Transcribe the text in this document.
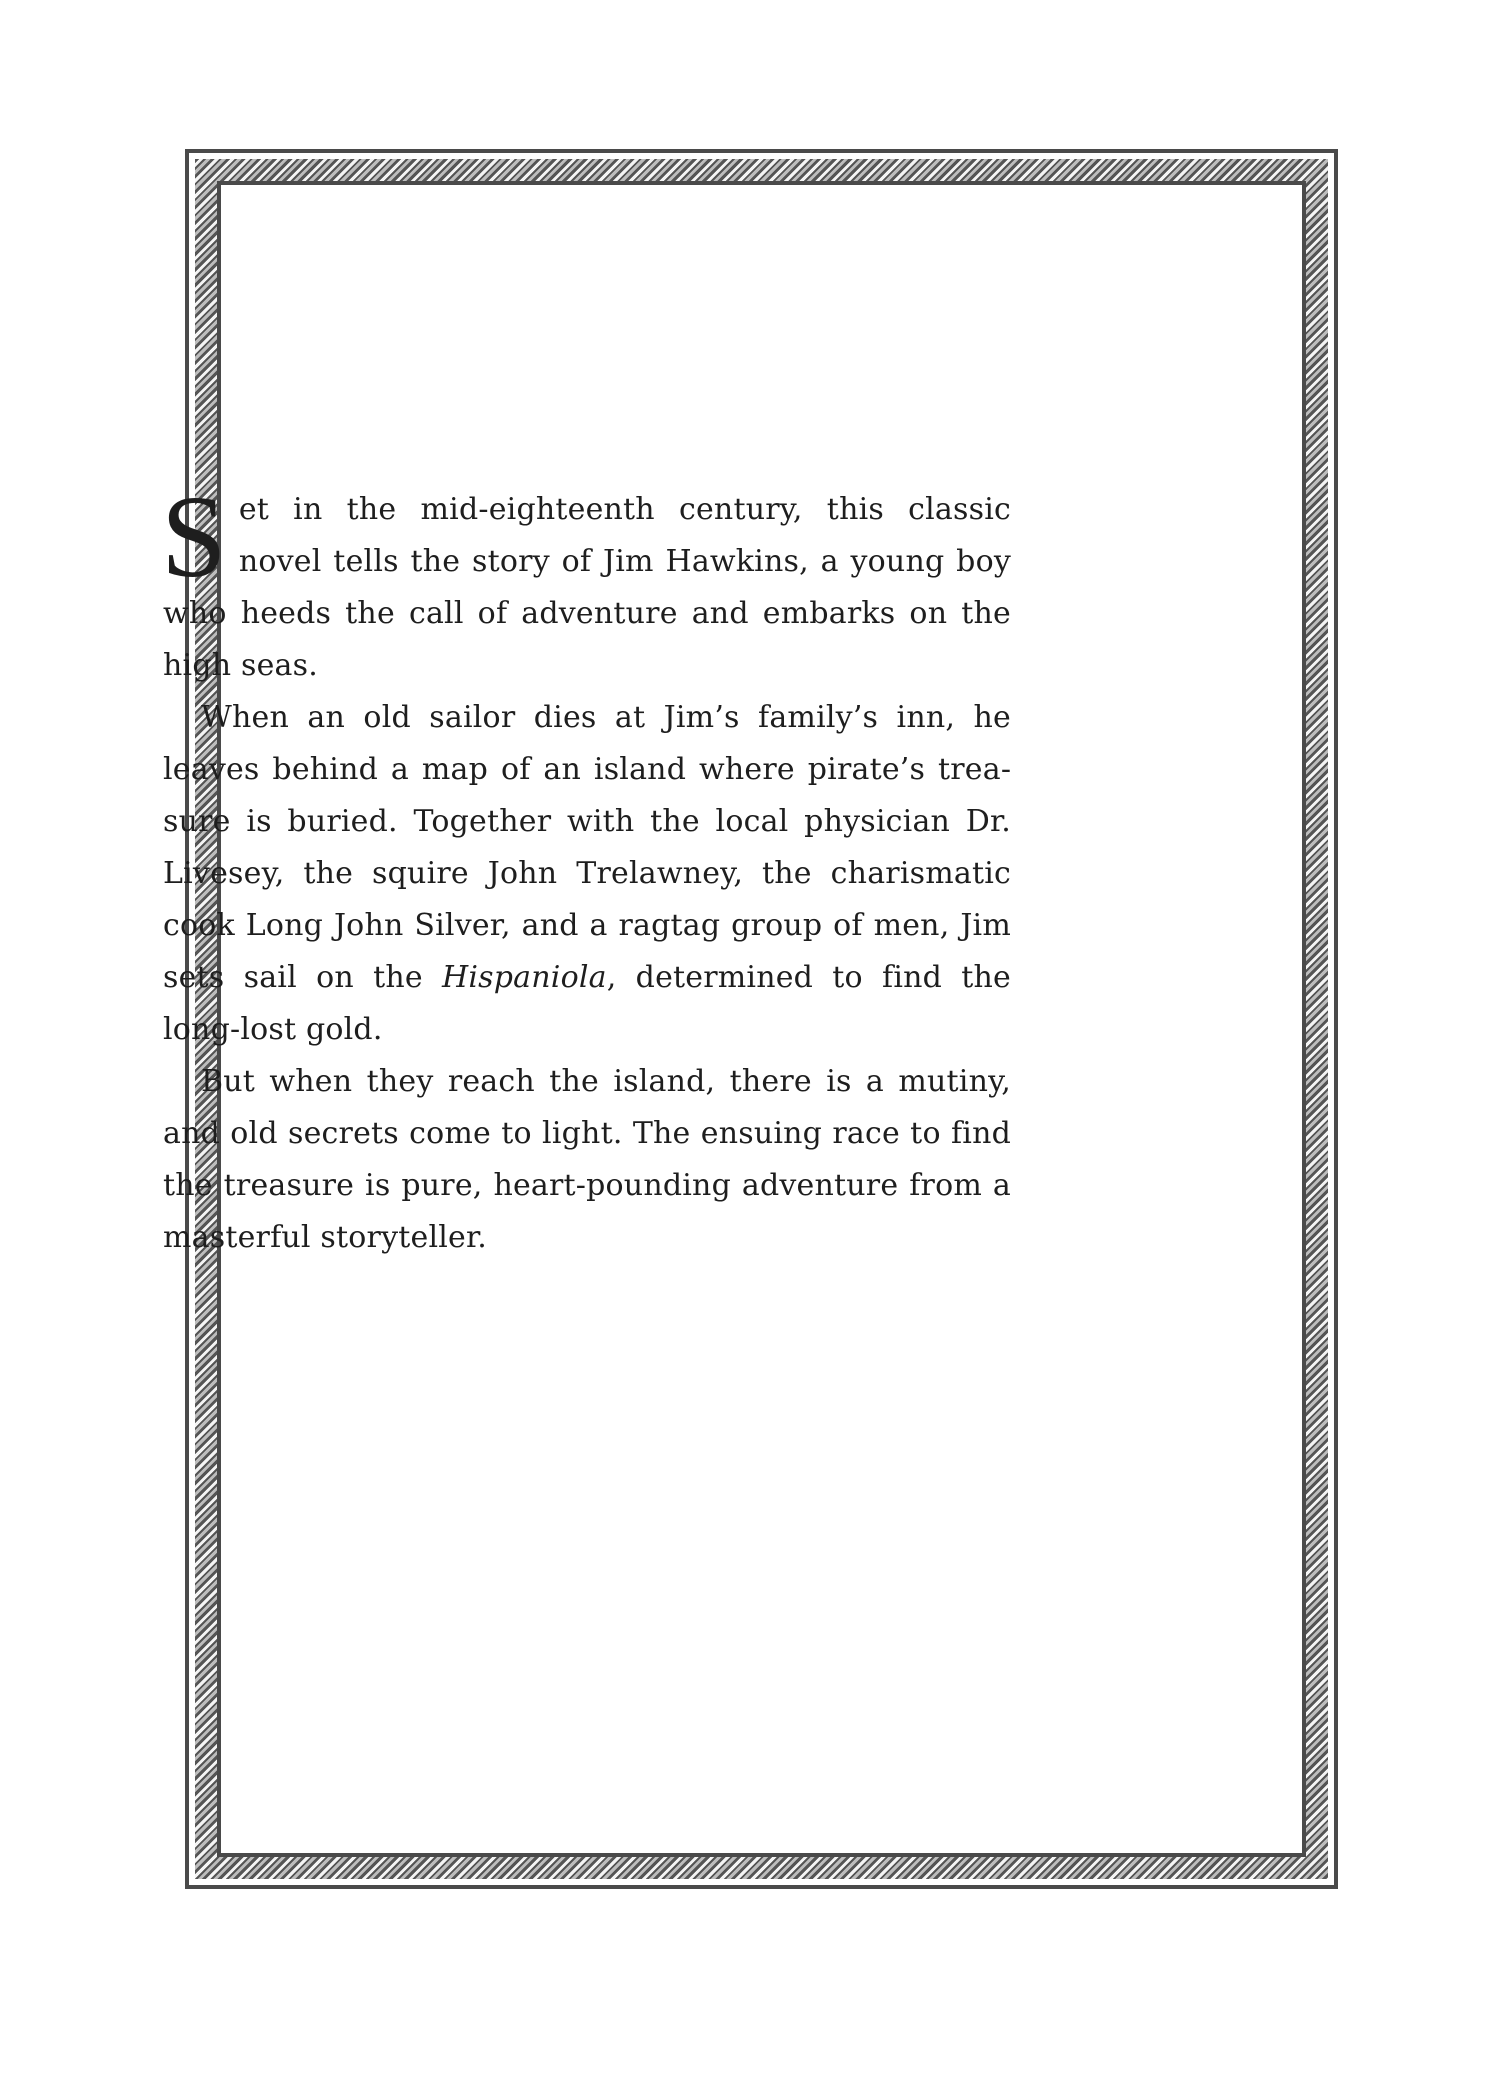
Set in the mid-eighteenth century, this classic novel tells the story of Jim Hawkins, a young boy who heeds the call of adventure and embarks on the high seas.

When an old sailor dies at Jim’s family’s inn, he leaves behind a map of an island where pirate’s treasure is buried. Together with the local physician Dr. Livesey, the squire John Trelawney, the charismatic cook Long John Silver, and a ragtag group of men, Jim sets sail on the Hispaniola, determined to find the long-lost gold.

But when they reach the island, there is a mutiny, and old secrets come to light. The ensuing race to find the treasure is pure, heart-pounding adventure from a masterful storyteller.
